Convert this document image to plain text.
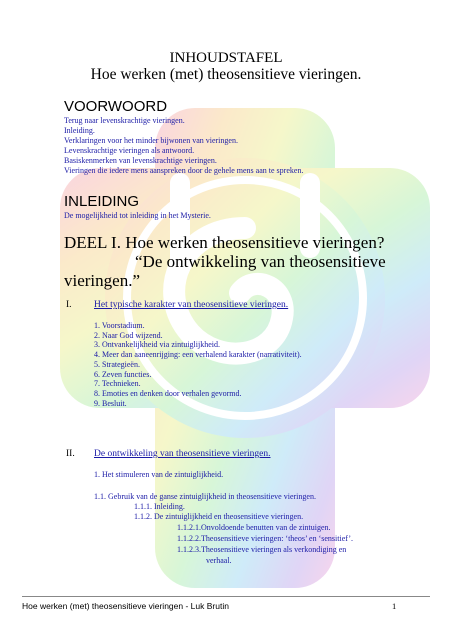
INHOUDSTAFEL
Hoe werken (met) theosensitieve vieringen.
VOORWOORD
Terug naar levenskrachtige vieringen.
Inleiding.
Verklaringen voor het minder bijwonen van vieringen.
Levenskrachtige vieringen als antwoord.
Basiskenmerken van levenskrachtige vieringen.
Vieringen die iedere mens aanspreken door de gehele mens aan te spreken.
INLEIDING
De mogelijkheid tot inleiding in het Mysterie.
DEEL I. Hoe werken theosensitieve vieringen?
“De ontwikkeling van theosensitieve
vieringen.”
I. Het typische karakter van theosensitieve vieringen.
1. Voorstadium.
2. Naar God wijzend.
3. Ontvankelijkheid via zintuiglijkheid.
4. Meer dan aaneenrijging: een verhalend karakter (narrativiteit).
5. Strategieën.
6. Zeven functies.
7. Technieken.
8. Emoties en denken door verhalen gevormd.
9. Besluit.
II. De ontwikkeling van theosensitieve vieringen.
1. Het stimuleren van de zintuiglijkheid.
1.1. Gebruik van de ganse zintuiglijkheid in theosensitieve vieringen.
1.1.1. Inleiding.
1.1.2. De zintuiglijkheid en theosensitieve vieringen.
1.1.2.1.Onvoldoende benutten van de zintuigen.
1.1.2.2.Theosensitieve vieringen: ‘theos’ en ‘sensitief’.
1.1.2.3.Theosensitieve vieringen als verkondiging en
verhaal.
Hoe werken (met) theosensitieve vieringen - Luk Brutin	1
